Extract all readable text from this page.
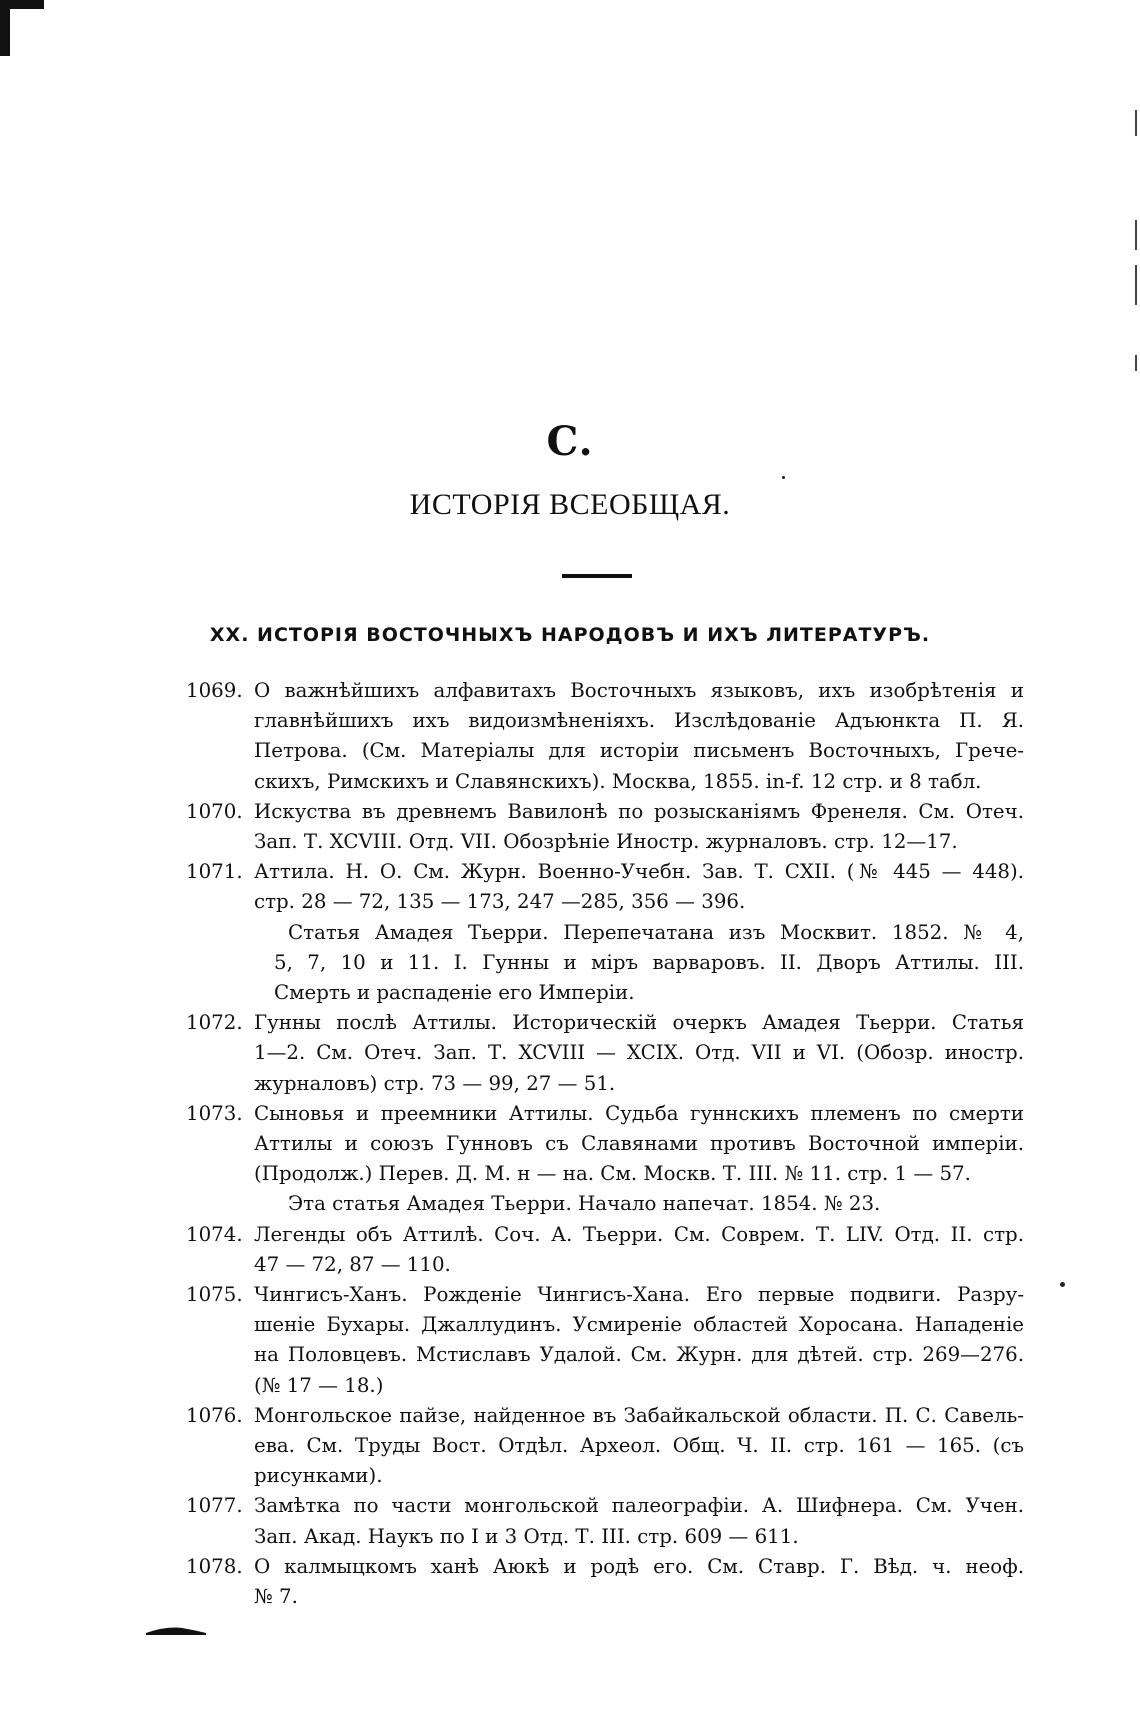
C.
ИСТОРІЯ ВСЕОБЩАЯ.
XX. ИСТОРІЯ ВОСТОЧНЫХЪ НАРОДОВЪ И ИХЪ ЛИТЕРАТУРЪ.
1069. О важнѣйшихъ алфавитахъ Восточныхъ языковъ, ихъ изобрѣтенія и
главнѣйшихъ ихъ видоизмѣненіяхъ. Изслѣдованіе Адъюнкта П. Я.
Петрова. (См. Матеріалы для исторіи письменъ Восточныхъ, Грече-
скихъ, Римскихъ и Славянскихъ). Москва, 1855. in-f. 12 стр. и 8 табл.
1070. Искуства въ древнемъ Вавилонѣ по розысканіямъ Френеля. См. Отеч.
Зап. Т. XCVIII. Отд. VII. Обозрѣніе Иностр. журналовъ. стр. 12—17.
1071. Аттила. Н. О. См. Журн. Военно-Учебн. Зав. Т. CXII. (№ 445 — 448).
стр. 28 — 72, 135 — 173, 247 —285, 356 — 396.
Статья Амадея Тьерри. Перепечатана изъ Москвит. 1852. № 4,
5, 7, 10 и 11. I. Гунны и міръ варваровъ. II. Дворъ Аттилы. III.
Смерть и распаденіе его Имперіи.
1072. Гунны послѣ Аттилы. Историческій очеркъ Амадея Тьерри. Статья
1—2. См. Отеч. Зап. Т. XCVIII — XCIX. Отд. VII и VI. (Обозр. иностр.
журналовъ) стр. 73 — 99, 27 — 51.
1073. Сыновья и преемники Аттилы. Судьба гуннскихъ племенъ по смерти
Аттилы и союзъ Гунновъ съ Славянами противъ Восточной имперіи.
(Продолж.) Перев. Д. М. н — на. См. Москв. Т. III. № 11. стр. 1 — 57.
Эта статья Амадея Тьерри. Начало напечат. 1854. № 23.
1074. Легенды объ Аттилѣ. Соч. А. Тьерри. См. Соврем. Т. LIV. Отд. II. стр.
47 — 72, 87 — 110.
1075. Чингисъ-Ханъ. Рожденіе Чингисъ-Хана. Его первые подвиги. Разру-
шеніе Бухары. Джаллудинъ. Усмиреніе областей Хоросана. Нападеніе
на Половцевъ. Мстиславъ Удалой. См. Журн. для дѣтей. стр. 269—276.
(№ 17 — 18.)
1076. Монгольское пайзе, найденное въ Забайкальской области. П. С. Савель-
ева. См. Труды Вост. Отдѣл. Археол. Общ. Ч. II. стр. 161 — 165. (съ
рисунками).
1077. Замѣтка по части монгольской палеографіи. А. Шифнера. См. Учен.
Зап. Акад. Наукъ по I и 3 Отд. Т. III. стр. 609 — 611.
1078. О калмыцкомъ ханѣ Аюкѣ и родѣ его. См. Ставр. Г. Вѣд. ч. неоф.
№ 7.
